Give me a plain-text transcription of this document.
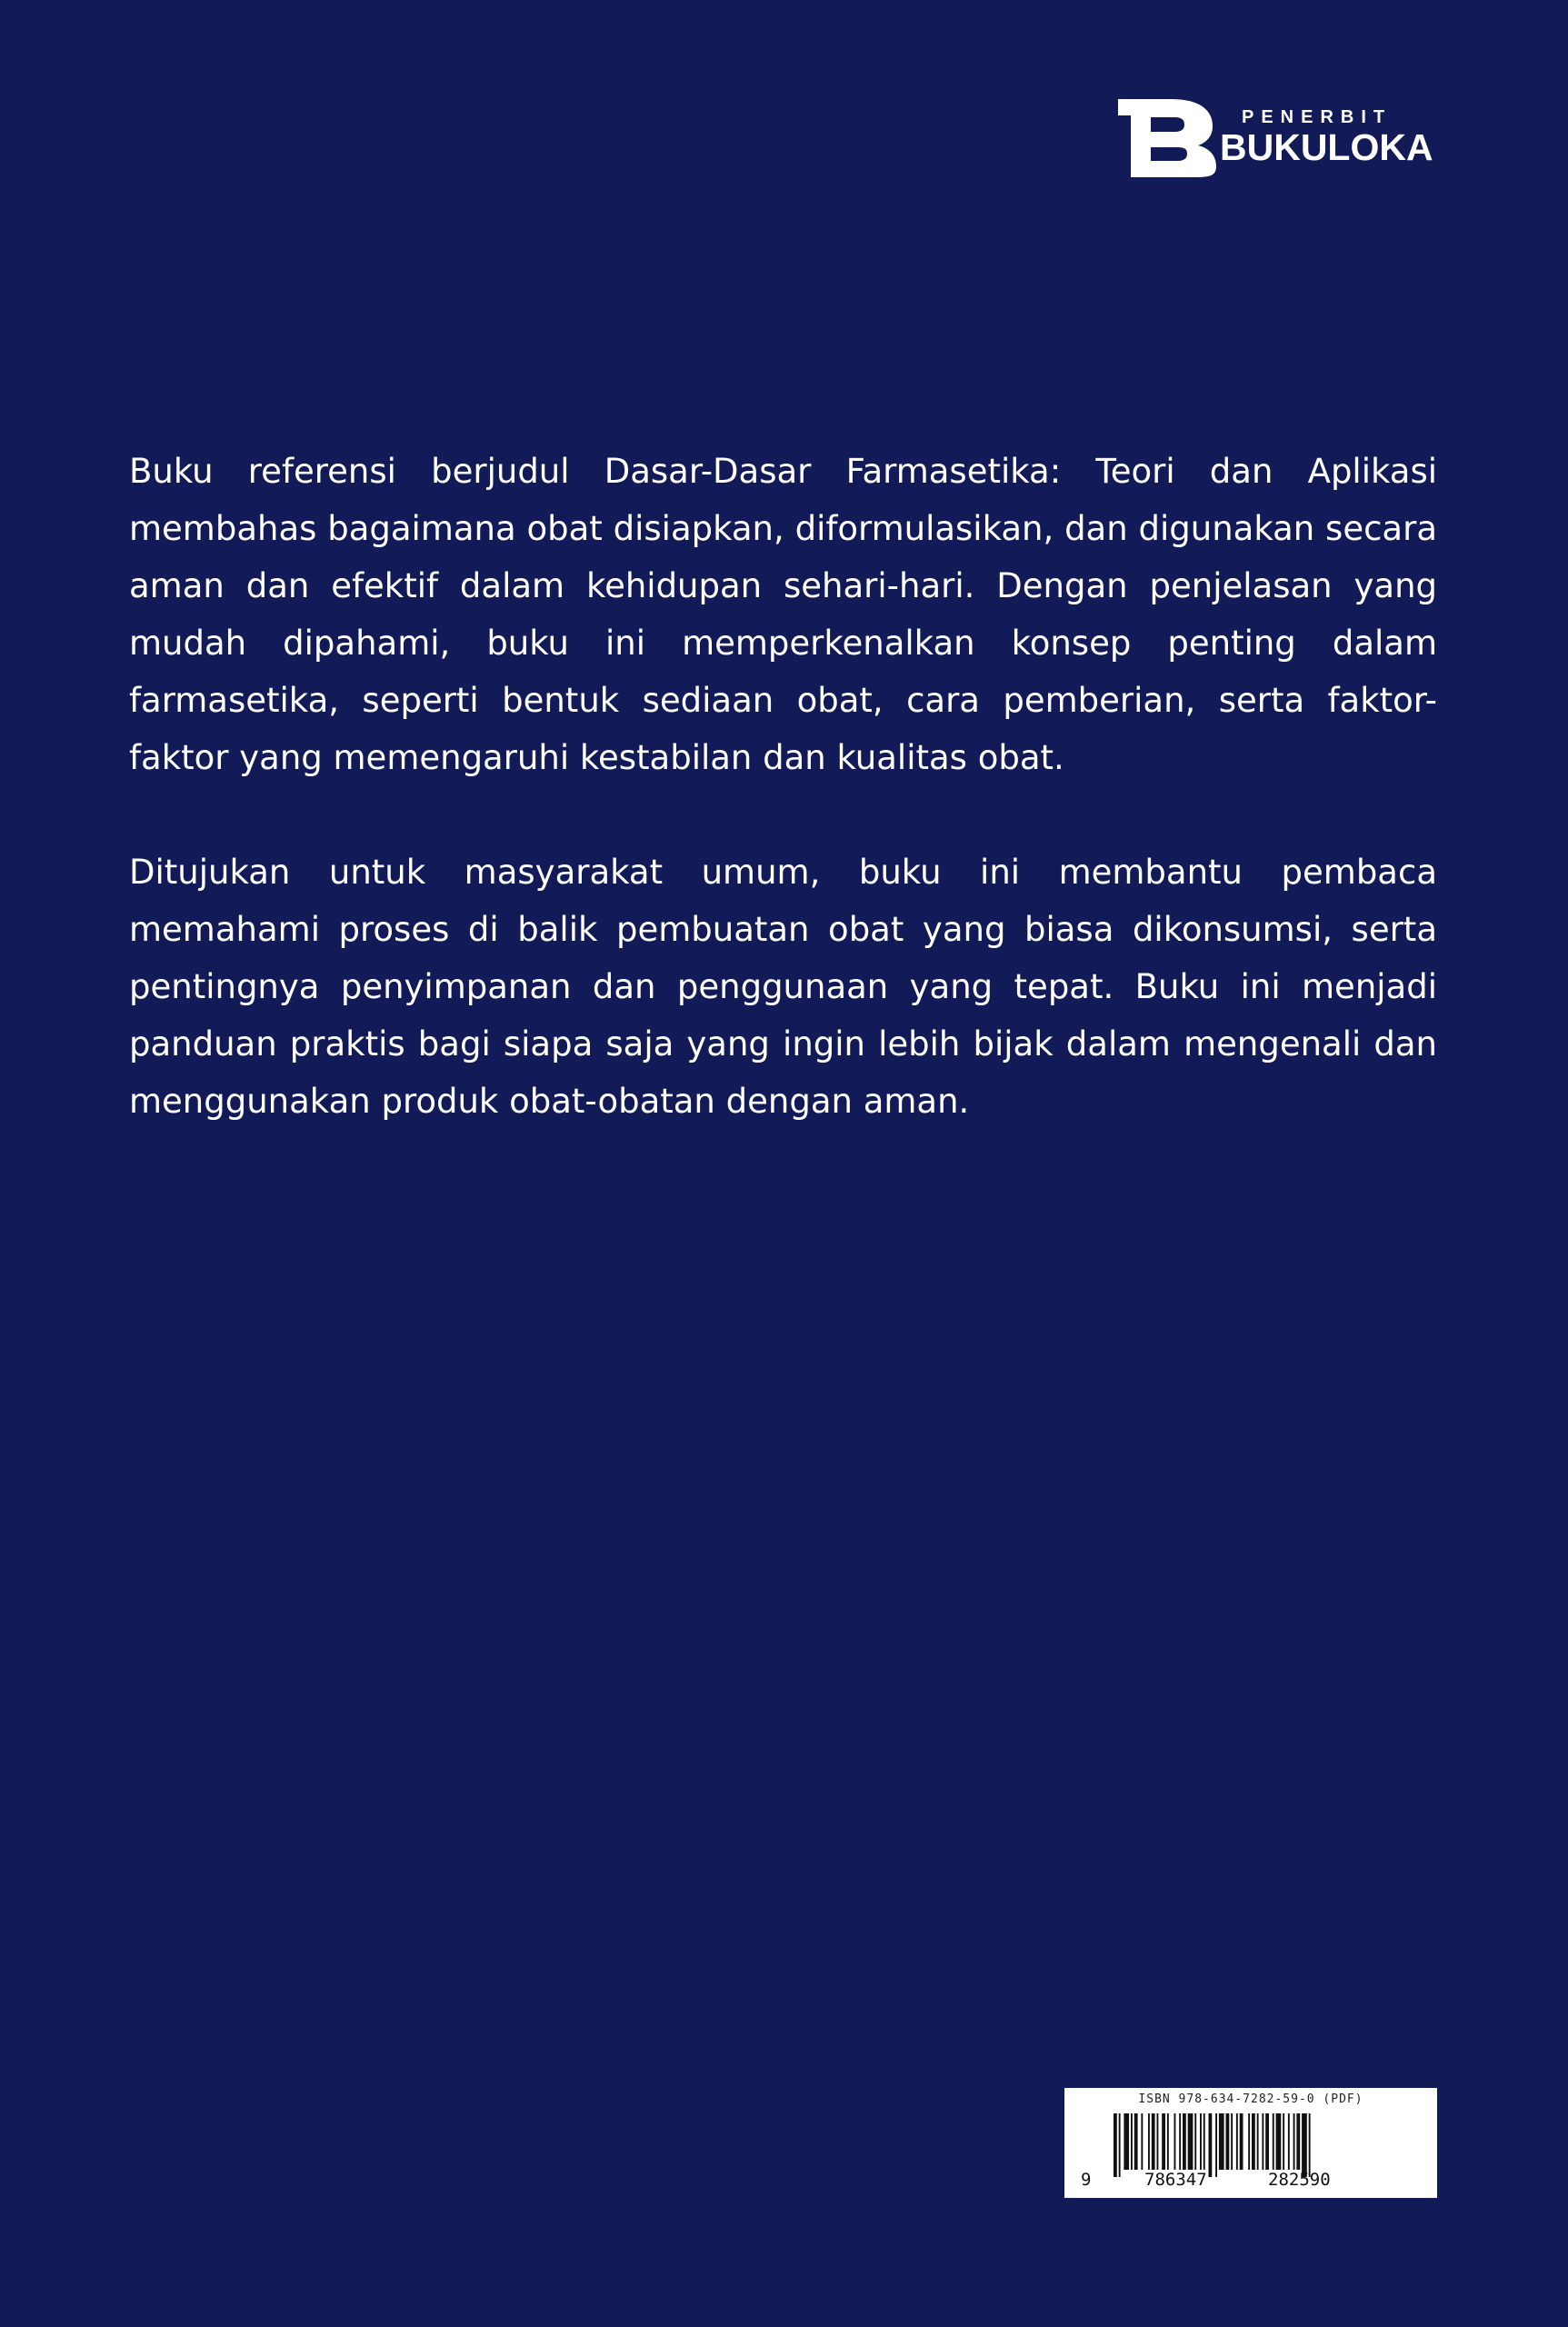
PENERBIT
BUKULOKA

Buku referensi berjudul Dasar-Dasar Farmasetika: Teori dan Aplikasi membahas bagaimana obat disiapkan, diformulasikan, dan digunakan secara aman dan efektif dalam kehidupan sehari-hari. Dengan penjelasan yang mudah dipahami, buku ini memperkenalkan konsep penting dalam farmasetika, seperti bentuk sediaan obat, cara pemberian, serta faktor-faktor yang memengaruhi kestabilan dan kualitas obat.

Ditujukan untuk masyarakat umum, buku ini membantu pembaca memahami proses di balik pembuatan obat yang biasa dikonsumsi, serta pentingnya penyimpanan dan penggunaan yang tepat. Buku ini menjadi panduan praktis bagi siapa saja yang ingin lebih bijak dalam mengenali dan menggunakan produk obat-obatan dengan aman.

ISBN 978-634-7282-59-0 (PDF)
9	786347	282590
